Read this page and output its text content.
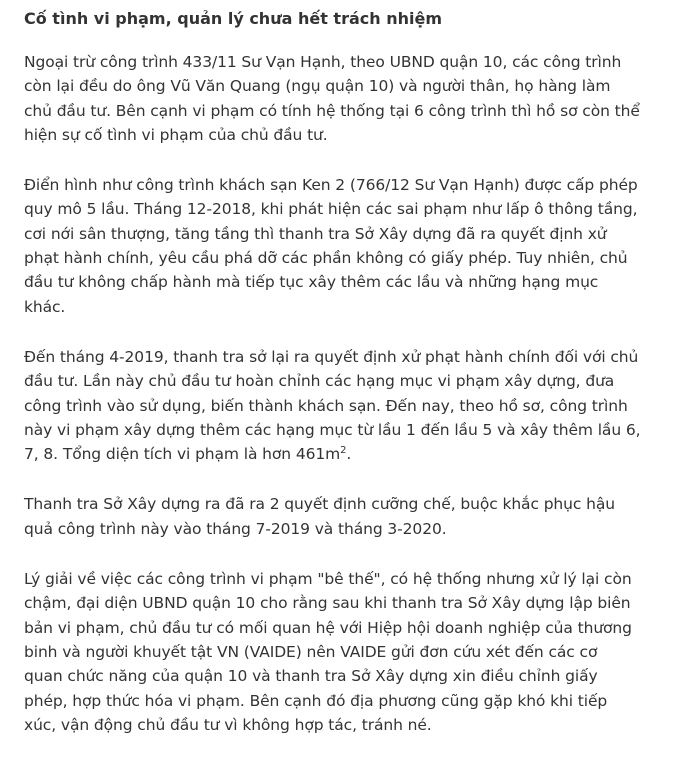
Cố tình vi phạm, quản lý chưa hết trách nhiệm

Ngoại trừ công trình 433/11 Sư Vạn Hạnh, theo UBND quận 10, các công trình
còn lại đều do ông Vũ Văn Quang (ngụ quận 10) và người thân, họ hàng làm
chủ đầu tư. Bên cạnh vi phạm có tính hệ thống tại 6 công trình thì hồ sơ còn thể
hiện sự cố tình vi phạm của chủ đầu tư.

Điển hình như công trình khách sạn Ken 2 (766/12 Sư Vạn Hạnh) được cấp phép
quy mô 5 lầu. Tháng 12-2018, khi phát hiện các sai phạm như lấp ô thông tầng,
cơi nới sân thượng, tăng tầng thì thanh tra Sở Xây dựng đã ra quyết định xử
phạt hành chính, yêu cầu phá dỡ các phần không có giấy phép. Tuy nhiên, chủ
đầu tư không chấp hành mà tiếp tục xây thêm các lầu và những hạng mục
khác.

Đến tháng 4-2019, thanh tra sở lại ra quyết định xử phạt hành chính đối với chủ
đầu tư. Lần này chủ đầu tư hoàn chỉnh các hạng mục vi phạm xây dựng, đưa
công trình vào sử dụng, biến thành khách sạn. Đến nay, theo hồ sơ, công trình
này vi phạm xây dựng thêm các hạng mục từ lầu 1 đến lầu 5 và xây thêm lầu 6,
7, 8. Tổng diện tích vi phạm là hơn $461m^2$.

Thanh tra Sở Xây dựng ra đã ra 2 quyết định cưỡng chế, buộc khắc phục hậu
quả công trình này vào tháng 7-2019 và tháng 3-2020.

Lý giải về việc các công trình vi phạm "bê thế", có hệ thống nhưng xử lý lại còn
chậm, đại diện UBND quận 10 cho rằng sau khi thanh tra Sở Xây dựng lập biên
bản vi phạm, chủ đầu tư có mối quan hệ với Hiệp hội doanh nghiệp của thương
binh và người khuyết tật VN (VAIDE) nên VAIDE gửi đơn cứu xét đến các cơ
quan chức năng của quận 10 và thanh tra Sở Xây dựng xin điều chỉnh giấy
phép, hợp thức hóa vi phạm. Bên cạnh đó địa phương cũng gặp khó khi tiếp
xúc, vận động chủ đầu tư vì không hợp tác, tránh né.
